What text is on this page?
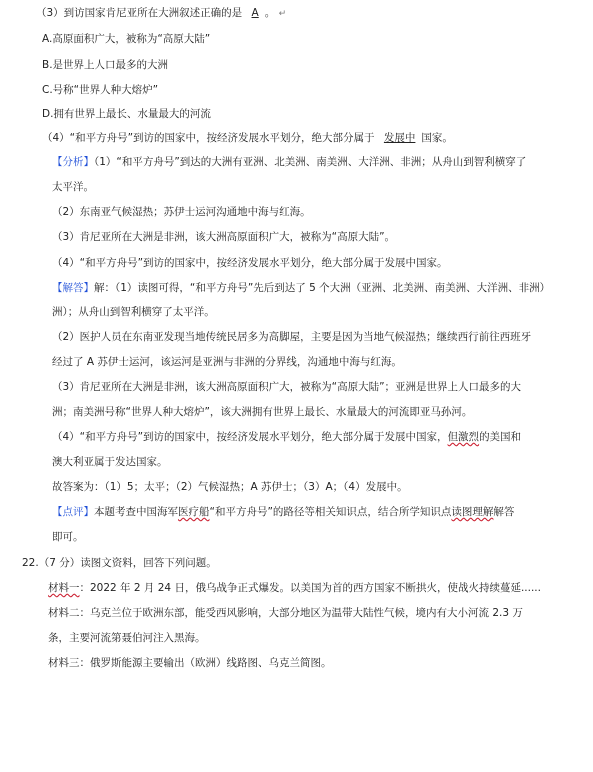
（3）到访国家肯尼亚所在大洲叙述正确的是 A 。 ↵
A.高原面积广大，被称为“高原大陆”
B.是世界上人口最多的大洲
C.号称“世界人种大熔炉”
D.拥有世界上最长、水量最大的河流
（4）“和平方舟号”到访的国家中，按经济发展水平划分，绝大部分属于 发展中 国家。
【分析】（1）“和平方舟号”到达的大洲有亚洲、北美洲、南美洲、大洋洲、非洲；从舟山到智利横穿了
太平洋。
（2）东南亚气候湿热；苏伊士运河沟通地中海与红海。
（3）肯尼亚所在大洲是非洲，该大洲高原面积广大，被称为“高原大陆”。
（4）“和平方舟号”到访的国家中，按经济发展水平划分，绝大部分属于发展中国家。
【解答】解：（1）读图可得，“和平方舟号”先后到达了 5 个大洲（亚洲、北美洲、南美洲、大洋洲、非洲）
洲）；从舟山到智利横穿了太平洋。
（2）医护人员在东南亚发现当地传统民居多为高脚屋，主要是因为当地气候湿热；继续西行前往西班牙
经过了 A 苏伊士运河，该运河是亚洲与非洲的分界线，沟通地中海与红海。
（3）肯尼亚所在大洲是非洲，该大洲高原面积广大，被称为“高原大陆”；亚洲是世界上人口最多的大
洲；南美洲号称“世界人种大熔炉”，该大洲拥有世界上最长、水量最大的河流即亚马孙河。
（4）“和平方舟号”到访的国家中，按经济发展水平划分，绝大部分属于发展中国家，但激烈的美国和
澳大利亚属于发达国家。
故答案为：（1）5；太平；（2）气候湿热；A 苏伊士；（3）A；（4）发展中。
【点评】本题考查中国海军医疗船“和平方舟号”的路径等相关知识点，结合所学知识点读图理解解答
即可。
22.（7 分）读图文资料，回答下列问题。
材料一：2022 年 2 月 24 日，俄乌战争正式爆发。以美国为首的西方国家不断拱火，使战火持续蔓延......
材料二：乌克兰位于欧洲东部，能受西风影响，大部分地区为温带大陆性气候，境内有大小河流 2.3 万
条，主要河流第聂伯河注入黑海。
材料三：俄罗斯能源主要输出（欧洲）线路图、乌克兰简图。
